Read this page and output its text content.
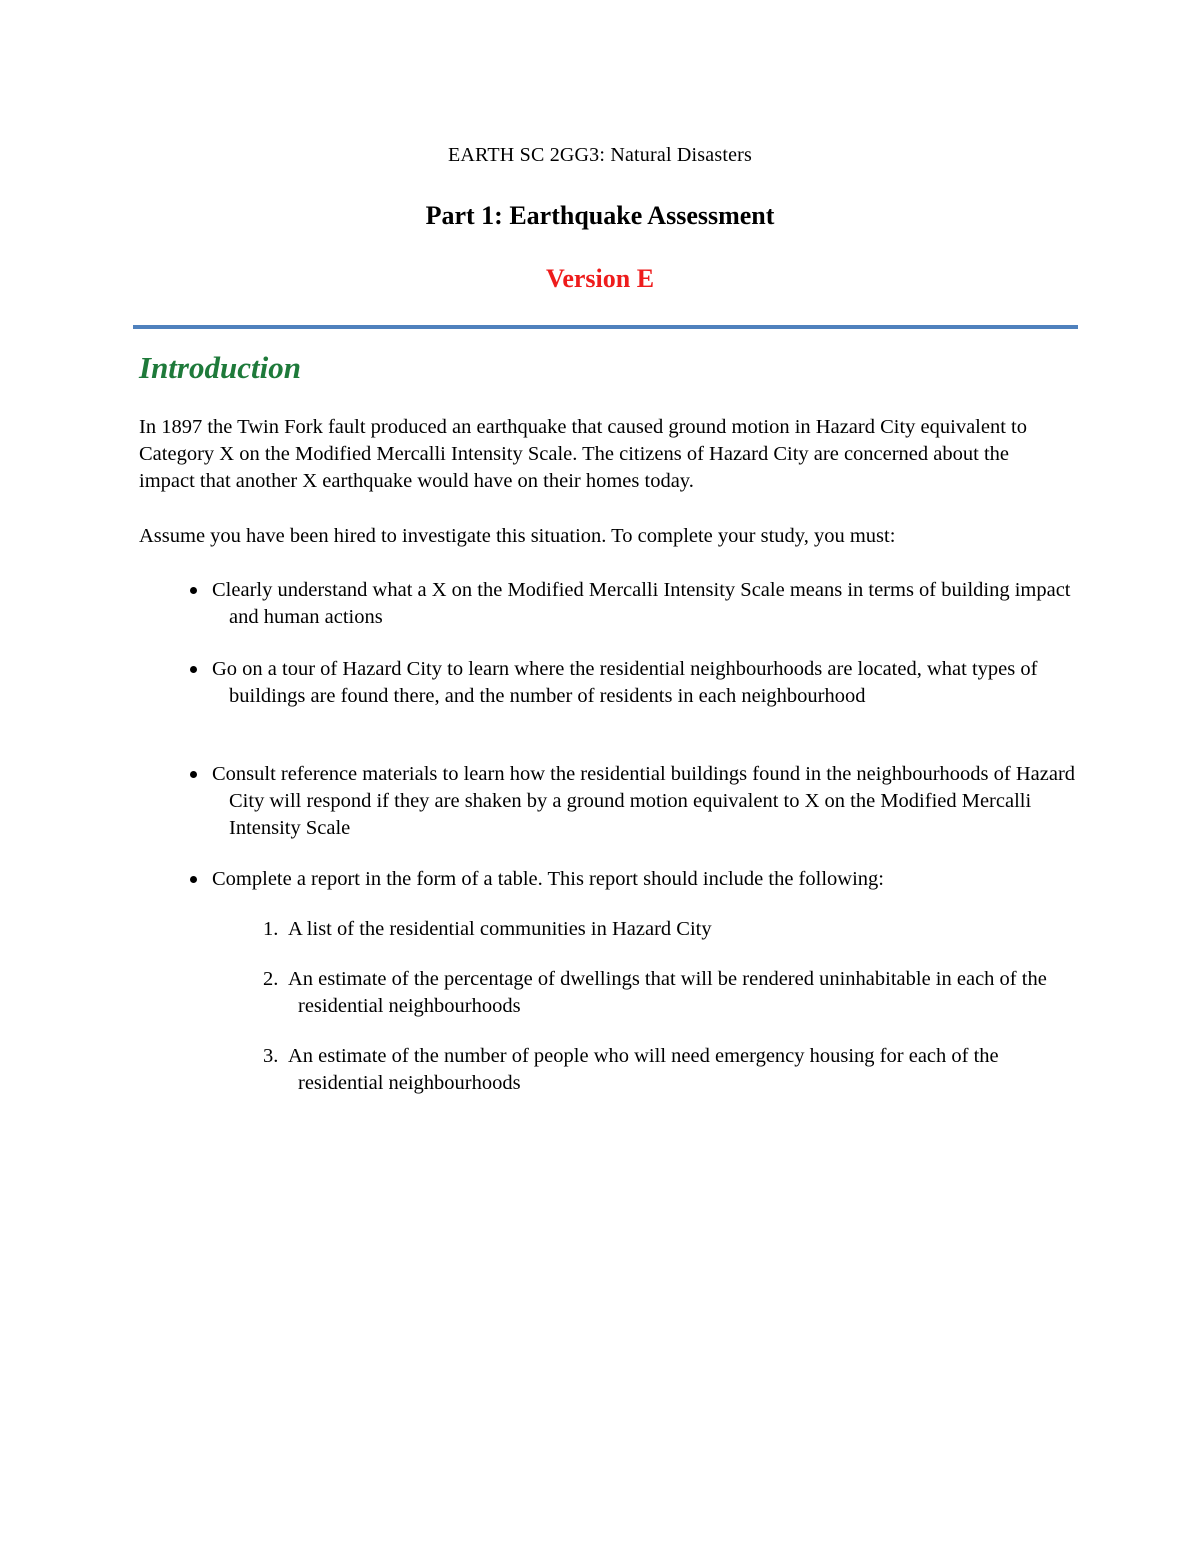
EARTH SC 2GG3: Natural Disasters
Part 1: Earthquake Assessment
Version E
Introduction
In 1897 the Twin Fork fault produced an earthquake that caused ground motion in Hazard City equivalent to Category X on the Modified Mercalli Intensity Scale. The citizens of Hazard City are concerned about the impact that another X earthquake would have on their homes today.
Assume you have been hired to investigate this situation. To complete your study, you must:
Clearly understand what a X on the Modified Mercalli Intensity Scale means in terms of building impact and human actions
Go on a tour of Hazard City to learn where the residential neighbourhoods are located, what types of buildings are found there, and the number of residents in each neighbourhood
Consult reference materials to learn how the residential buildings found in the neighbourhoods of Hazard City will respond if they are shaken by a ground motion equivalent to X on the Modified Mercalli Intensity Scale
Complete a report in the form of a table. This report should include the following:
1. A list of the residential communities in Hazard City
2. An estimate of the percentage of dwellings that will be rendered uninhabitable in each of the residential neighbourhoods
3. An estimate of the number of people who will need emergency housing for each of the residential neighbourhoods
